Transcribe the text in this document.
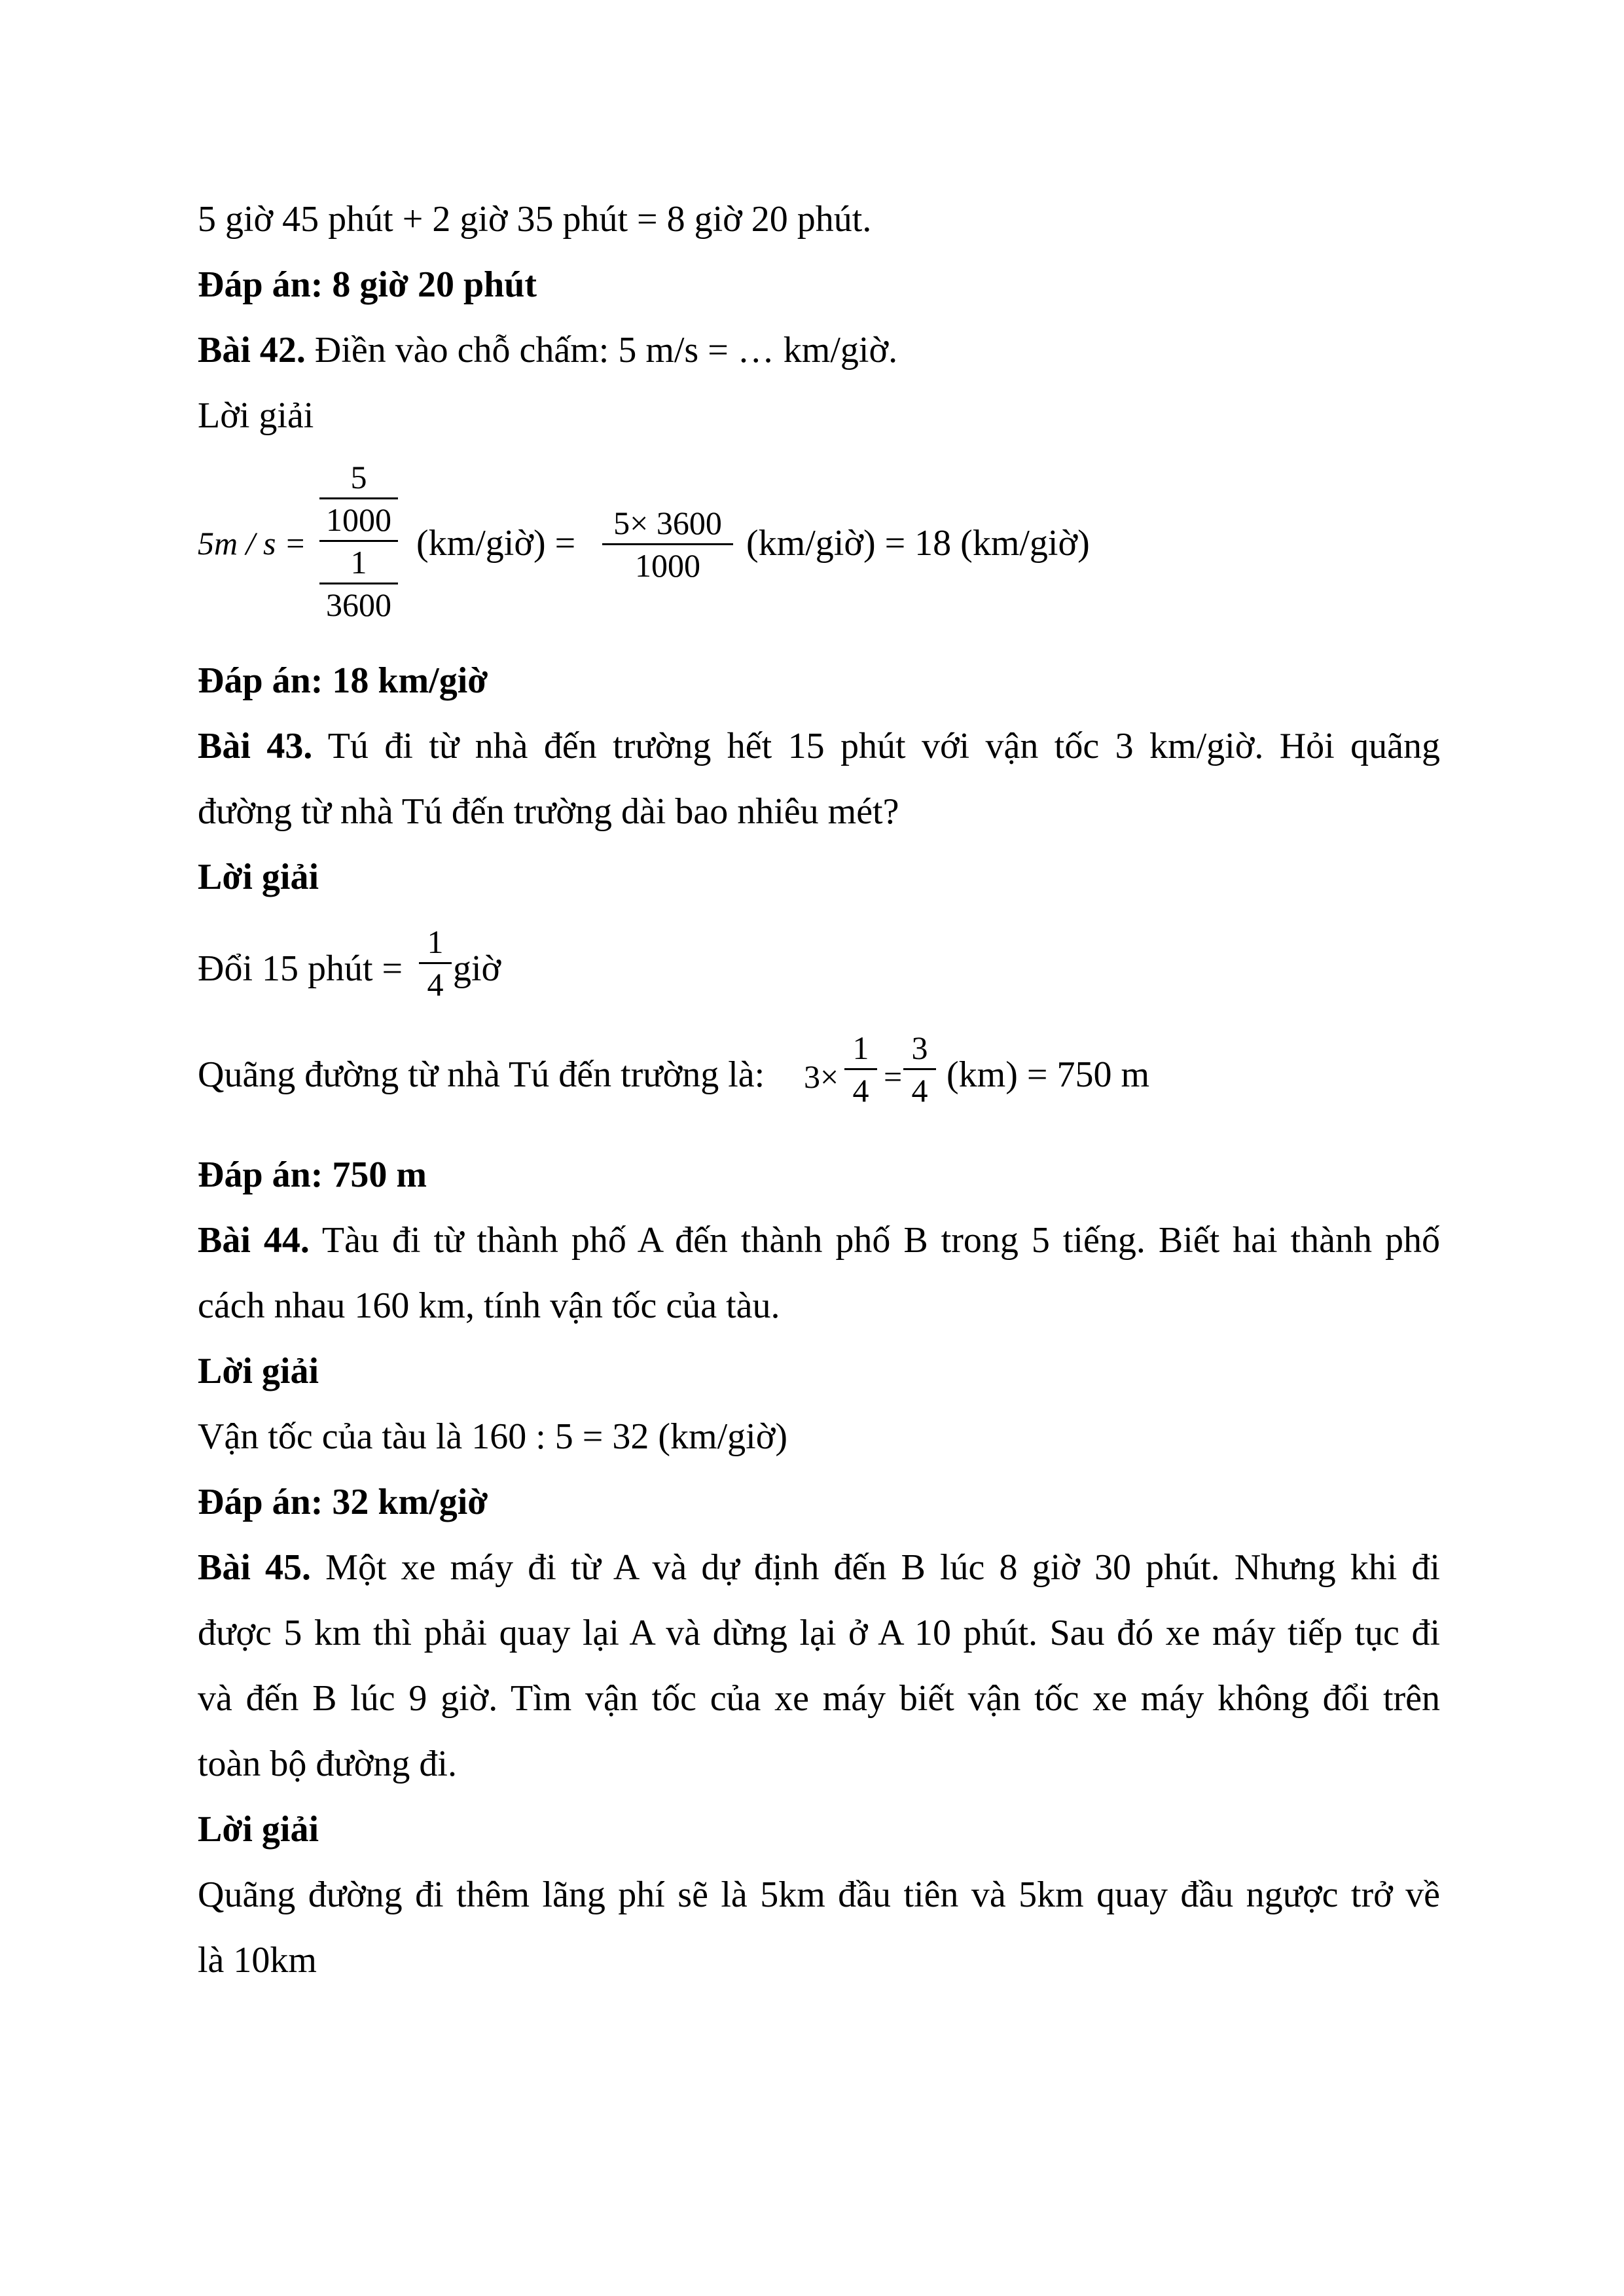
5 giờ 45 phút + 2 giờ 35 phút = 8 giờ 20 phút.
Đáp án: 8 giờ 20 phút
Bài 42. Điền vào chỗ chấm: 5 m/s = … km/giờ.
Lời giải
5m / s =
5
1000
1
3600
(km/giờ) =	5× 3600
1000
(km/giờ) = 18 (km/giờ)
Đáp án: 18 km/giờ
Bài 43. Tú đi từ nhà đến trường hết 15 phút với vận tốc 3 km/giờ. Hỏi quãng
đường từ nhà Tú đến trường dài bao nhiêu mét?
Lời giải
Đổi 15 phút =
1
4 giờ
Quãng đường từ nhà Tú đến trường là: 3×
1
4 =
3
4 (km) = 750 m
Đáp án: 750 m
Bài 44. Tàu đi từ thành phố A đến thành phố B trong 5 tiếng. Biết hai thành phố
cách nhau 160 km, tính vận tốc của tàu.
Lời giải
Vận tốc của tàu là 160 : 5 = 32 (km/giờ)
Đáp án: 32 km/giờ
Bài 45. Một xe máy đi từ A và dự định đến B lúc 8 giờ 30 phút. Nhưng khi đi
được 5 km thì phải quay lại A và dừng lại ở A 10 phút. Sau đó xe máy tiếp tục đi
và đến B lúc 9 giờ. Tìm vận tốc của xe máy biết vận tốc xe máy không đổi trên
toàn bộ đường đi.
Lời giải
Quãng đường đi thêm lãng phí sẽ là 5km đầu tiên và 5km quay đầu ngược trở về
là 10km
